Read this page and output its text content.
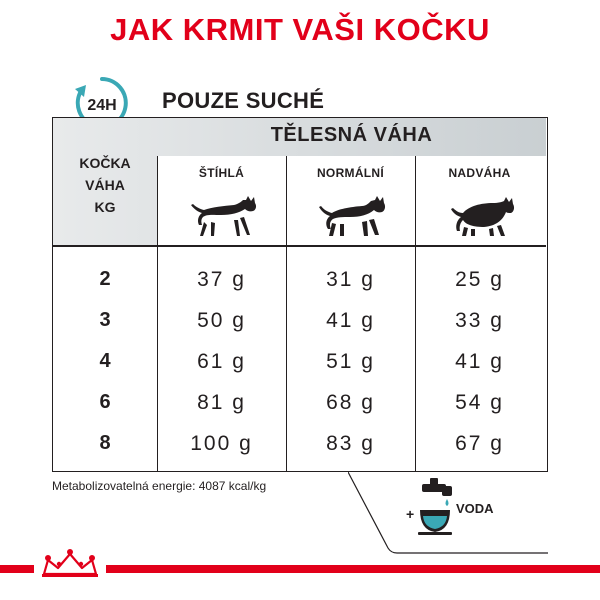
JAK KRMIT VAŠI KOČKU
24H POUZE SUCHÉ
TĚLESNÁ VÁHA
KOČKA
VÁHA
KG
ŠTÍHLÁ	NORMÁLNÍ	NADVÁHA
2	37 g	31 g	25 g
3	50 g	41 g	33 g
4	61 g	51 g	41 g
6	81 g	68 g	54 g
8	100 g	83 g	67 g
Metabolizovatelná energie: 4087 kcal/kg
+	VODA
